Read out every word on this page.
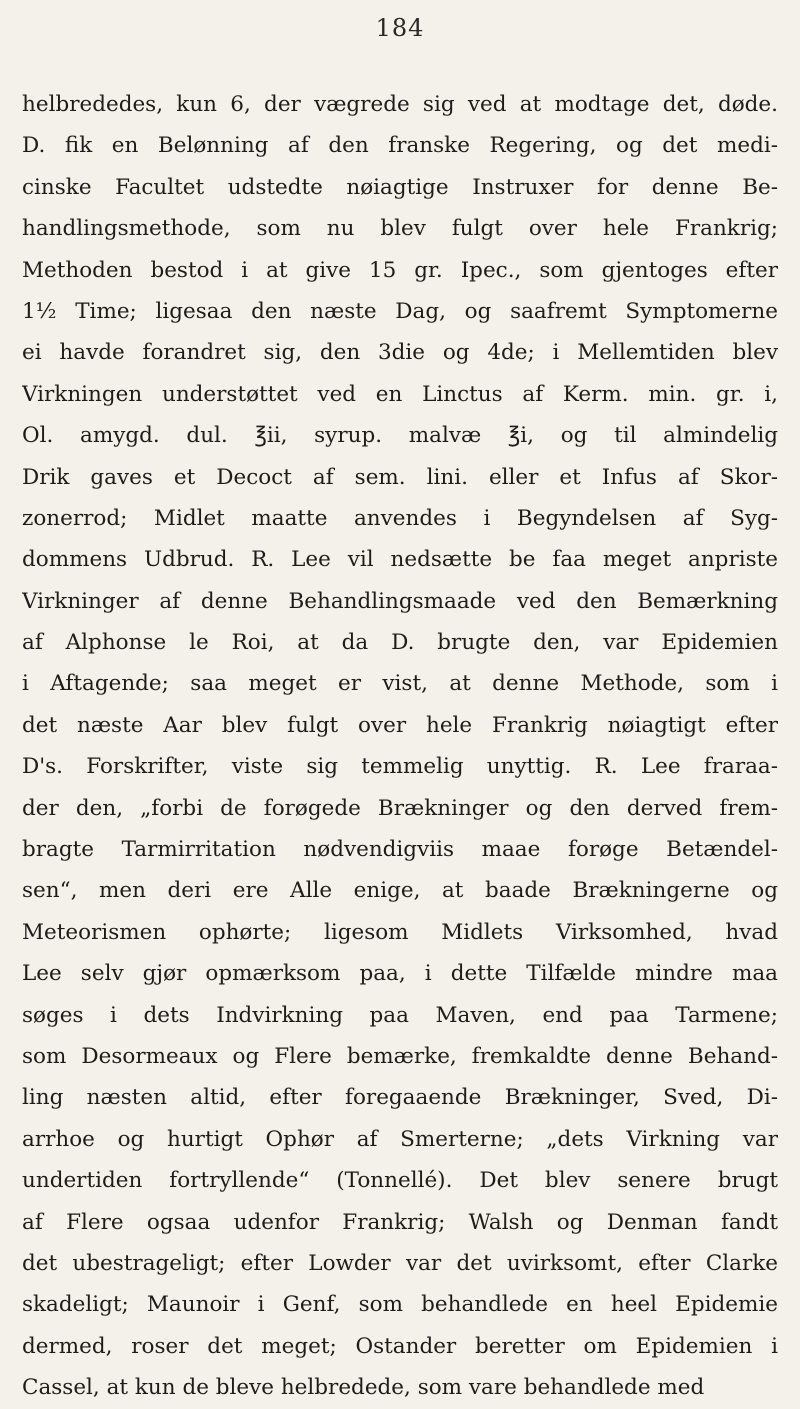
184
helbrededes, kun 6, der vægrede sig ved at modtage det, døde.
D. fik en Belønning af den franske Regering, og det medi-
cinske Facultet udstedte nøiagtige Instruxer for denne Be-
handlingsmethode, som nu blev fulgt over hele Frankrig;
Methoden bestod i at give 15 gr. Ipec., som gjentoges efter
1½ Time; ligesaa den næste Dag, og saafremt Symptomerne
ei havde forandret sig, den 3die og 4de; i Mellemtiden blev
Virkningen understøttet ved en Linctus af Kerm. min. gr. i,
Ol. amygd. dul. ℥ii, syrup. malvæ ℥i, og til almindelig
Drik gaves et Decoct af sem. lini. eller et Infus af Skor-
zonerrod; Midlet maatte anvendes i Begyndelsen af Syg-
dommens Udbrud. R. Lee vil nedsætte be faa meget anpriste
Virkninger af denne Behandlingsmaade ved den Bemærkning
af Alphonse le Roi, at da D. brugte den, var Epidemien
i Aftagende; saa meget er vist, at denne Methode, som i
det næste Aar blev fulgt over hele Frankrig nøiagtigt efter
D's. Forskrifter, viste sig temmelig unyttig. R. Lee fraraa-
der den, „forbi de forøgede Brækninger og den derved frem-
bragte Tarmirritation nødvendigviis maae forøge Betændel-
sen“, men deri ere Alle enige, at baade Brækningerne og
Meteorismen ophørte; ligesom Midlets Virksomhed, hvad
Lee selv gjør opmærksom paa, i dette Tilfælde mindre maa
søges i dets Indvirkning paa Maven, end paa Tarmene;
som Desormeaux og Flere bemærke, fremkaldte denne Behand-
ling næsten altid, efter foregaaende Brækninger, Sved, Di-
arrhoe og hurtigt Ophør af Smerterne; „dets Virkning var
undertiden fortryllende“ (Tonnellé). Det blev senere brugt
af Flere ogsaa udenfor Frankrig; Walsh og Denman fandt
det ubestrageligt; efter Lowder var det uvirksomt, efter Clarke
skadeligt; Maunoir i Genf, som behandlede en heel Epidemie
dermed, roser det meget; Ostander beretter om Epidemien i
Cassel, at kun de bleve helbredede, som vare behandlede med
